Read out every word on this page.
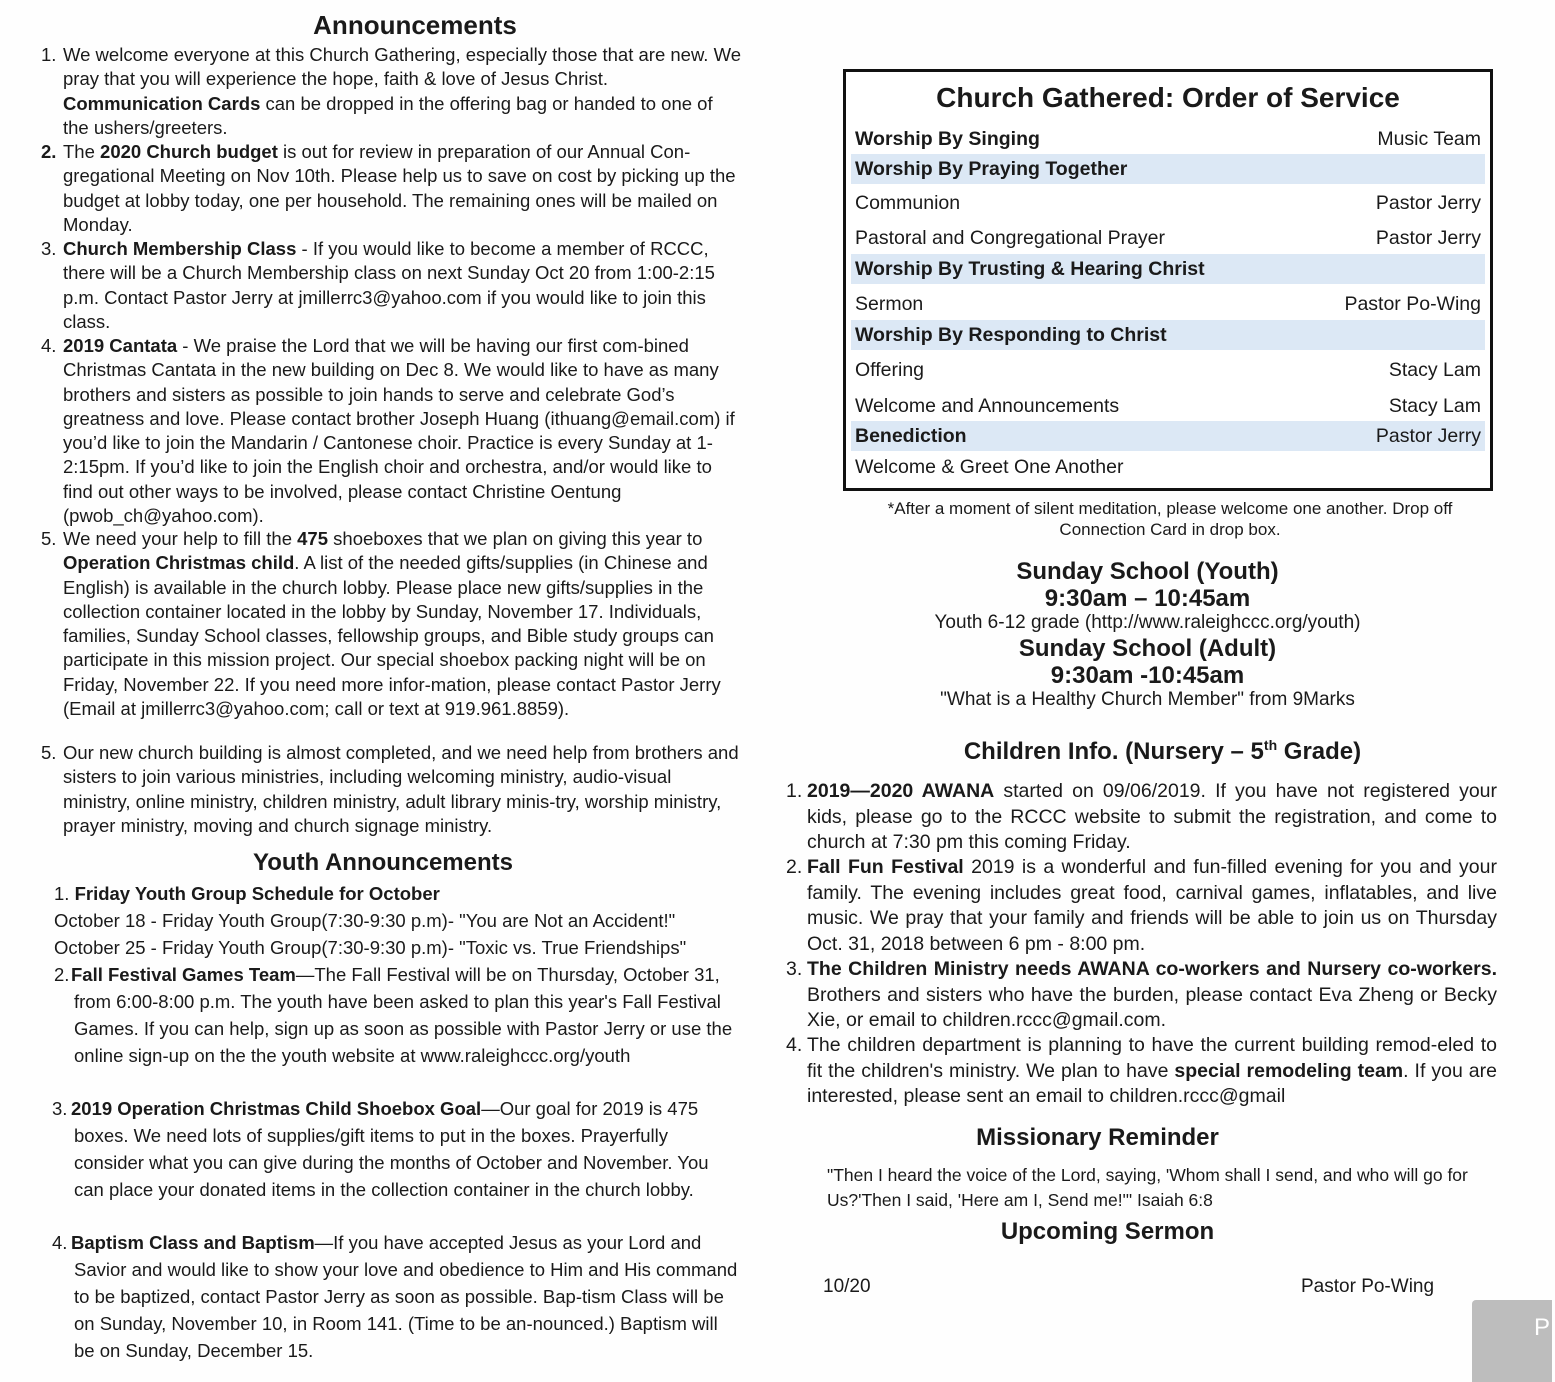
Announcements
1. We welcome everyone at this Church Gathering, especially those that are new. We pray that you will experience the hope, faith & love of Jesus Christ. Communication Cards can be dropped in the offering bag or handed to one of the ushers/greeters.
2. The 2020 Church budget is out for review in preparation of our Annual Con-gregational Meeting on Nov 10th. Please help us to save on cost by picking up the budget at lobby today, one per household. The remaining ones will be mailed on Monday.
3. Church Membership Class - If you would like to become a member of RCCC, there will be a Church Membership class on next Sunday Oct 20 from 1:00-2:15 p.m. Contact Pastor Jerry at jmillerrc3@yahoo.com if you would like to join this class.
4. 2019 Cantata - We praise the Lord that we will be having our first com-bined Christmas Cantata in the new building on Dec 8. We would like to have as many brothers and sisters as possible to join hands to serve and celebrate God’s greatness and love. Please contact brother Joseph Huang (ithuang@email.com) if you’d like to join the Mandarin / Cantonese choir. Practice is every Sunday at 1-2:15pm. If you’d like to join the English choir and orchestra, and/or would like to find out other ways to be involved, please contact Christine Oentung (pwob_ch@yahoo.com).
5. We need your help to fill the 475 shoeboxes that we plan on giving this year to Operation Christmas child. A list of the needed gifts/supplies (in Chinese and English) is available in the church lobby. Please place new gifts/supplies in the collection container located in the lobby by Sunday, November 17. Individuals, families, Sunday School classes, fellowship groups, and Bible study groups can participate in this mission project. Our special shoebox packing night will be on Friday, November 22. If you need more infor-mation, please contact Pastor Jerry (Email at jmillerrc3@yahoo.com; call or text at 919.961.8859).
5. Our new church building is almost completed, and we need help from brothers and sisters to join various ministries, including welcoming ministry, audio-visual ministry, online ministry, children ministry, adult library minis-try, worship ministry, prayer ministry, moving and church signage ministry.
Youth Announcements
1. Friday Youth Group Schedule for October
October 18 - Friday Youth Group(7:30-9:30 p.m)- "You are Not an Accident!"
October 25 - Friday Youth Group(7:30-9:30 p.m)- "Toxic vs. True Friendships"
2. Fall Festival Games Team—The Fall Festival will be on Thursday, October 31, from 6:00-8:00 p.m. The youth have been asked to plan this year's Fall Festival Games. If you can help, sign up as soon as possible with Pastor Jerry or use the online sign-up on the the youth website at www.raleighccc.org/youth
3. 2019 Operation Christmas Child Shoebox Goal—Our goal for 2019 is 475 boxes. We need lots of supplies/gift items to put in the boxes. Prayerfully consider what you can give during the months of October and November. You can place your donated items in the collection container in the church lobby.
4. Baptism Class and Baptism—If you have accepted Jesus as your Lord and Savior and would like to show your love and obedience to Him and His command to be baptized, contact Pastor Jerry as soon as possible. Bap-tism Class will be on Sunday, November 10, in Room 141. (Time to be an-nounced.) Baptism will be on Sunday, December 15.
Church Gathered: Order of Service
Worship By Singing	Music Team
Worship By Praying Together
Communion	Pastor Jerry
Pastoral and Congregational Prayer	Pastor Jerry
Worship By Trusting & Hearing Christ
Sermon	Pastor Po-Wing
Worship By Responding to Christ
Offering	Stacy Lam
Welcome and Announcements	Stacy Lam
Benediction	Pastor Jerry
Welcome & Greet One Another
*After a moment of silent meditation, please welcome one another. Drop off Connection Card in drop box.
Sunday School (Youth)
9:30am – 10:45am
Youth 6-12 grade (http://www.raleighccc.org/youth)
Sunday School (Adult)
9:30am -10:45am
"What is a Healthy Church Member" from 9Marks
Children Info. (Nursery – 5th Grade)
1. 2019—2020 AWANA started on 09/06/2019. If you have not registered your kids, please go to the RCCC website to submit the registration, and come to church at 7:30 pm this coming Friday.
2. Fall Fun Festival 2019 is a wonderful and fun-filled evening for you and your family. The evening includes great food, carnival games, inflatables, and live music. We pray that your family and friends will be able to join us on Thursday Oct. 31, 2018 between 6 pm - 8:00 pm.
3. The Children Ministry needs AWANA co-workers and Nursery co-workers. Brothers and sisters who have the burden, please contact Eva Zheng or Becky Xie, or email to children.rccc@gmail.com.
4. The children department is planning to have the current building remod-eled to fit the children's ministry. We plan to have special remodeling team. If you are interested, please sent an email to children.rccc@gmail
Missionary Reminder
"Then I heard the voice of the Lord, saying, 'Whom shall I send, and who will go for Us?'Then I said, 'Here am I, Send me!'" Isaiah 6:8
Upcoming Sermon
10/20	Pastor Po-Wing
P
